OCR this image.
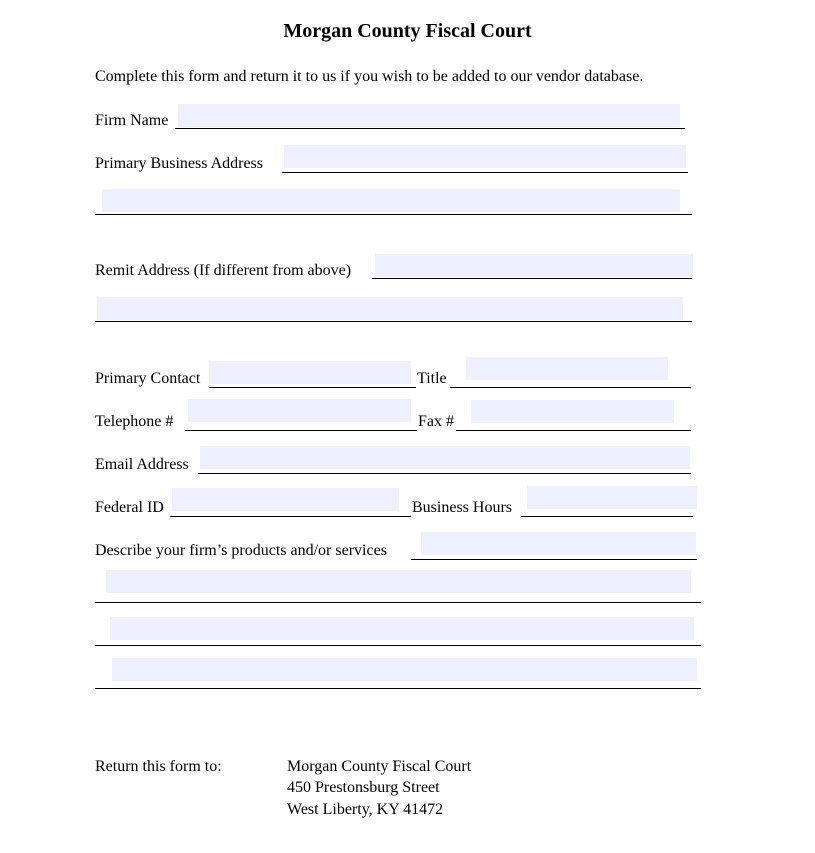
Morgan County Fiscal Court
Complete this form and return it to us if you wish to be added to our vendor database.
Firm Name
Primary Business Address
Remit Address (If different from above)
Primary Contact	Title
Telephone #	Fax #
Email Address
Federal ID	Business Hours
Describe your firm’s products and/or services
Return this form to:	Morgan County Fiscal Court
450 Prestonsburg Street
West Liberty, KY 41472
